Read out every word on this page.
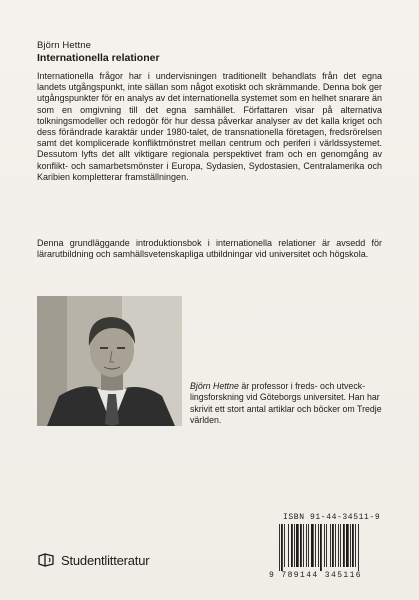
Björn Hettne
Internationella relationer
Internationella frågor har i undervisningen traditionellt behandlats från det egna landets utgångspunkt, inte sällan som något exotiskt och skrämmande. Denna bok ger utgångspunkter för en analys av det internationella systemet som en helhet snarare än som en omgivning till det egna samhället. Författaren visar på alternativa tolkningsmodeller och redogör för hur dessa påverkar analyser av det kalla kriget och dess förändrade karaktär under 1980-talet, de transnationella företagen, fredsrörelsen samt det komplicerade konfliktmönstret mellan centrum och periferi i världssystemet. Dessutom lyfts det allt viktigare regionala perspektivet fram och en genomgång av konflikt- och samarbetsmönster i Europa, Sydasien, Sydostasien, Centralamerika och Karibien kompletterar framställningen.
Denna grundläggande introduktionsbok i internationella relationer är avsedd för lärarutbildning och samhällsvetenskapliga utbildningar vid universitet och högskola.
Björn Hettne är professor i freds- och utvecklingsforskning vid Göteborgs universitet. Han har skrivit ett stort antal artiklar och böcker om Tredje världen.
ISBN 91-44-34511-9
9 789144 345116
Studentlitteratur
